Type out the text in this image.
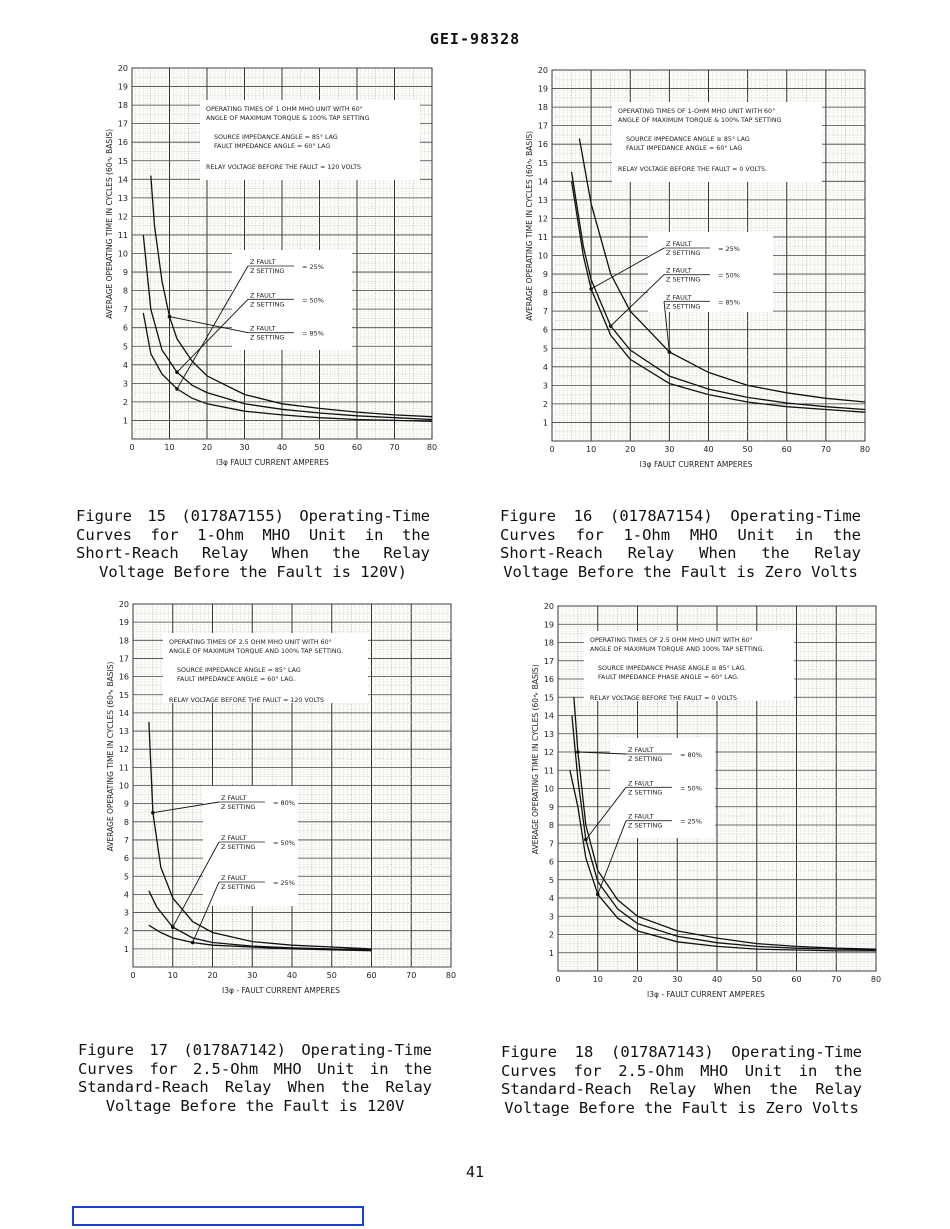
GEI-98328
0	10	20	30	40	50	60	70	80
1
2
3
4
5
6
7
8
9
10
11
12
13
14
15
16
17
18
19
20
I3φ FAULT CURRENT AMPERES
AVERAGE OPERATING TIME IN CYCLES (60∿ BASIS)
OPERATING TIMES OF 1 OHM MHO UNIT WITH 60°
ANGLE OF MAXIMUM TORQUE & 100% TAP SETTING
SOURCE IMPEDANCE ANGLE = 85° LAG
FAULT IMPEDANCE ANGLE = 60° LAG
RELAY VOLTAGE BEFORE THE FAULT = 120 VOLTS
Z FAULT
Z SETTING	= 25%
Z FAULT
Z SETTING	= 50%
Z FAULT
Z SETTING	= 85%
0	10	20	30	40	50	60	70	80
1
2
3
4
5
6
7
8
9
10
11
12
13
14
15
16
17
18
19
20
I3φ FAULT CURRENT AMPERES
AVERAGE OPERATING TIME IN CYCLES (60∿ BASIS)
OPERATING TIMES OF 1-OHM MHO UNIT WITH 60°
ANGLE OF MAXIMUM TORQUE & 100% TAP SETTING
SOURCE IMPEDANCE ANGLE ≅ 85° LAG
FAULT IMPEDANCE ANGLE = 60° LAG
RELAY VOLTAGE BEFORE THE FAULT = 0 VOLTS.
Z FAULT
Z SETTING	= 25%
Z FAULT
Z SETTING	= 50%
Z FAULT
Z SETTING	= 85%
0	10	20	30	40	50	60	70	80
1
2
3
4
5
6
7
8
9
10
11
12
13
14
15
16
17
18
19
20
I3φ - FAULT CURRENT AMPERES
AVERAGE OPERATING TIME IN CYCLES (60∿ BASIS)
OPERATING TIMES OF 2.5 OHM MHO UNIT WITH 60°
ANGLE OF MAXIMUM TORQUE AND 100% TAP SETTING.
SOURCE IMPEDANCE ANGLE = 85° LAG
FAULT IMPEDANCE ANGLE = 60° LAG.
RELAY VOLTAGE BEFORE THE FAULT = 120 VOLTS
Z FAULT
Z SETTING	= 80%
Z FAULT
Z SETTING	= 50%
Z FAULT
Z SETTING	= 25%
0	10	20	30	40	50	60	70	80
1
2
3
4
5
6
7
8
9
10
11
12
13
14
15
16
17
18
19
20
I3φ - FAULT CURRENT AMPERES
AVERAGE OPERATING TIME IN CYCLES (60∿ BASIS)
OPERATING TIMES OF 2.5 OHM MHO UNIT WITH 60°
ANGLE OF MAXIMUM TORQUE AND 100% TAP SETTING.
SOURCE IMPEDANCE PHASE ANGLE ≅ 85° LAG.
FAULT IMPEDANCE PHASE ANGLE = 60° LAG.
RELAY VOLTAGE BEFORE THE FAULT = 0 VOLTS
Z FAULT
Z SETTING	= 80%
Z FAULT
Z SETTING	= 50%
Z FAULT
Z SETTING	= 25%
Figure 15 (0178A7155) Operating-Time Curves for 1-Ohm MHO Unit in the Short-Reach Relay When the Relay Voltage Before the Fault is 120V)
Figure 16 (0178A7154) Operating-Time Curves for 1-Ohm MHO Unit in the Short-Reach Relay When the Relay Voltage Before the Fault is Zero Volts
Figure 17 (0178A7142) Operating-Time Curves for 2.5-Ohm MHO Unit in the Standard-Reach Relay When the Relay Voltage Before the Fault is 120V
Figure 18 (0178A7143) Operating-Time Curves for 2.5-Ohm MHO Unit in the Standard-Reach Relay When the Relay Voltage Before the Fault is Zero Volts
41
